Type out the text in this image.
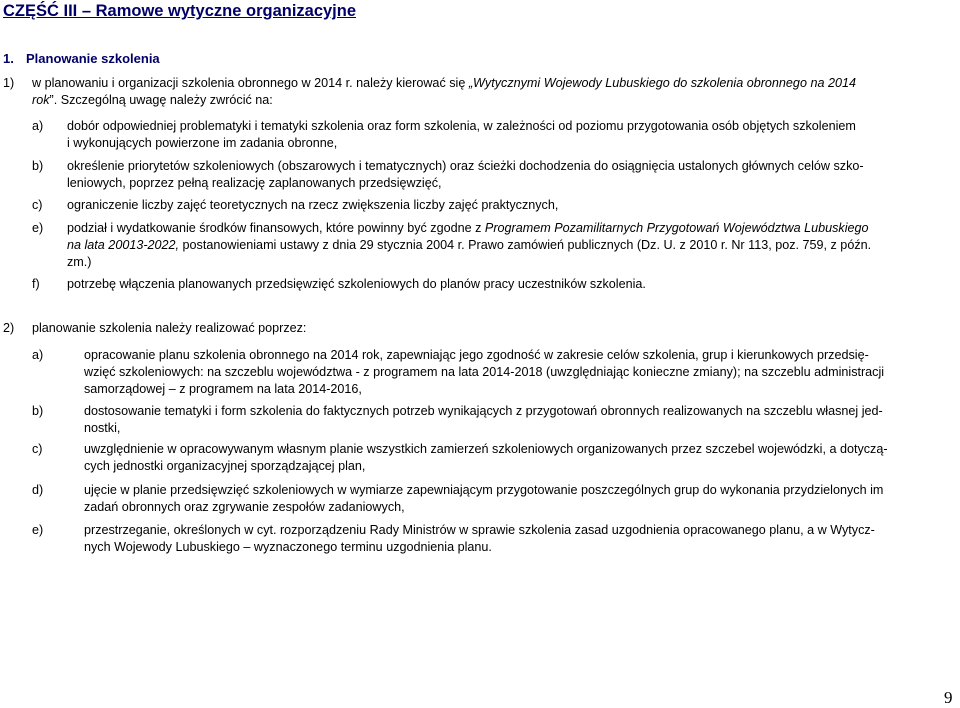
CZĘŚĆ III – Ramowe wytyczne organizacyjne
1. Planowanie szkolenia
1) w planowaniu i organizacji szkolenia obronnego w 2014 r. należy kierować się „Wytycznymi Wojewody Lubuskiego do szkolenia obronnego na 2014
rok”. Szczególną uwagę należy zwrócić na:
a) dobór odpowiedniej problematyki i tematyki szkolenia oraz form szkolenia, w zależności od poziomu przygotowania osób objętych szkoleniem
i wykonujących powierzone im zadania obronne,
b) określenie priorytetów szkoleniowych (obszarowych i tematycznych) oraz ścieżki dochodzenia do osiągnięcia ustalonych głównych celów szko-
leniowych, poprzez pełną realizację zaplanowanych przedsięwzięć,
c) ograniczenie liczby zajęć teoretycznych na rzecz zwiększenia liczby zajęć praktycznych,
e) podział i wydatkowanie środków finansowych, które powinny być zgodne z Programem Pozamilitarnych Przygotowań Województwa Lubuskiego
na lata 20013-2022, postanowieniami ustawy z dnia 29 stycznia 2004 r. Prawo zamówień publicznych (Dz. U. z 2010 r. Nr 113, poz. 759, z późn.
zm.)
f) potrzebę włączenia planowanych przedsięwzięć szkoleniowych do planów pracy uczestników szkolenia.
2) planowanie szkolenia należy realizować poprzez:
a)	opracowanie planu szkolenia obronnego na 2014 rok, zapewniając jego zgodność w zakresie celów szkolenia, grup i kierunkowych przedsię-
wzięć szkoleniowych: na szczeblu województwa - z programem na lata 2014-2018 (uwzględniając konieczne zmiany); na szczeblu administracji
samorządowej – z programem na lata 2014-2016,
b)	dostosowanie tematyki i form szkolenia do faktycznych potrzeb wynikających z przygotowań obronnych realizowanych na szczeblu własnej jed-
nostki,
c)	uwzględnienie w opracowywanym własnym planie wszystkich zamierzeń szkoleniowych organizowanych przez szczebel wojewódzki, a dotyczą-
cych jednostki organizacyjnej sporządzającej plan,
d)	ujęcie w planie przedsięwzięć szkoleniowych w wymiarze zapewniającym przygotowanie poszczególnych grup do wykonania przydzielonych im
zadań obronnych oraz zgrywanie zespołów zadaniowych,
e)	przestrzeganie, określonych w cyt. rozporządzeniu Rady Ministrów w sprawie szkolenia zasad uzgodnienia opracowanego planu, a w Wytycz-
nych Wojewody Lubuskiego – wyznaczonego terminu uzgodnienia planu.
9
